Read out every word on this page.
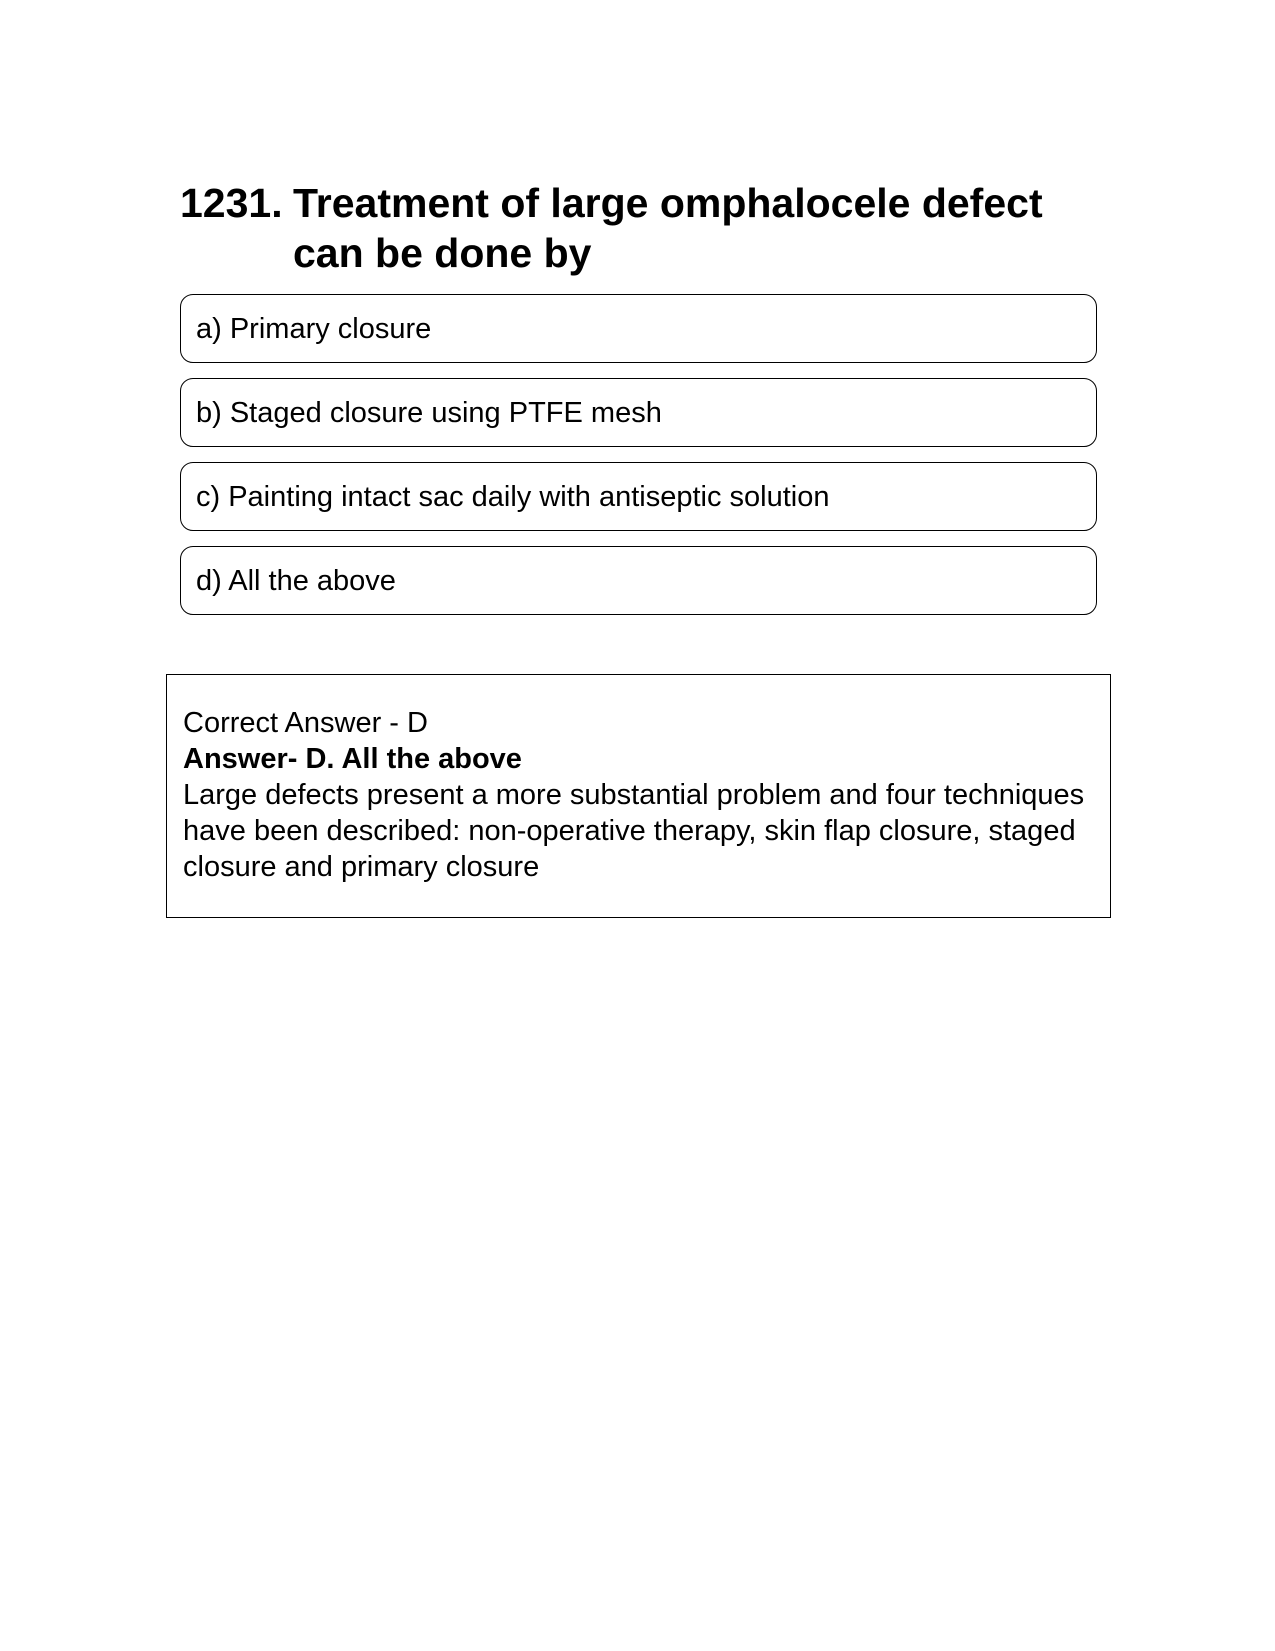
1231. Treatment of large omphalocele defect can be done by
a) Primary closure
b) Staged closure using PTFE mesh
c) Painting intact sac daily with antiseptic solution
d) All the above
Correct Answer - D
Answer- D. All the above
Large defects present a more substantial problem and four techniques have been described: non-operative therapy, skin flap closure, staged closure and primary closure
